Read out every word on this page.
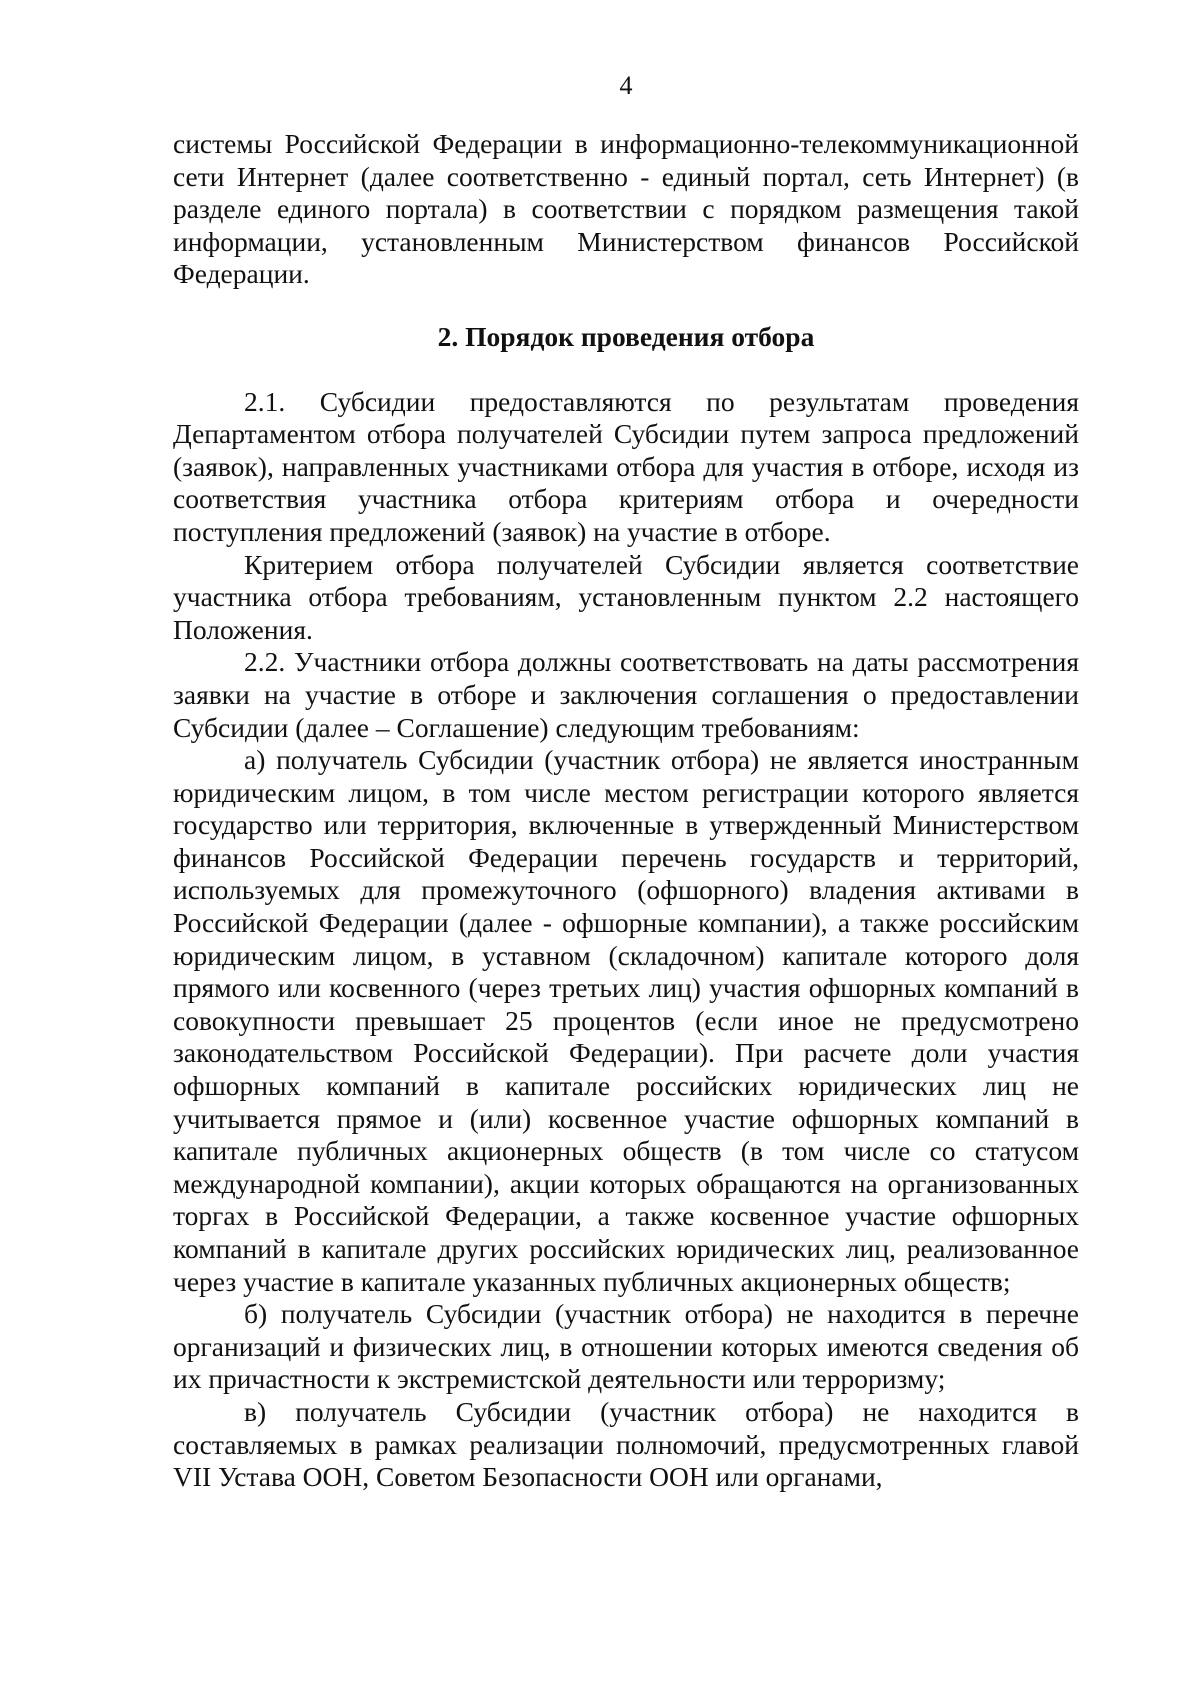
4

системы Российской Федерации в информационно-телекоммуникационной сети Интернет (далее соответственно - единый портал, сеть Интернет) (в разделе единого портала) в соответствии с порядком размещения такой информации, установленным Министерством финансов Российской Федерации.

2. Порядок проведения отбора

2.1. Субсидии предоставляются по результатам проведения Департаментом отбора получателей Субсидии путем запроса предложений (заявок), направленных участниками отбора для участия в отборе, исходя из соответствия участника отбора критериям отбора и очередности поступления предложений (заявок) на участие в отборе.

Критерием отбора получателей Субсидии является соответствие участника отбора требованиям, установленным пунктом 2.2 настоящего Положения.

2.2. Участники отбора должны соответствовать на даты рассмотрения заявки на участие в отборе и заключения соглашения о предоставлении Субсидии (далее – Соглашение) следующим требованиям:

а) получатель Субсидии (участник отбора) не является иностранным юридическим лицом, в том числе местом регистрации которого является государство или территория, включенные в утвержденный Министерством финансов Российской Федерации перечень государств и территорий, используемых для промежуточного (офшорного) владения активами в Российской Федерации (далее - офшорные компании), а также российским юридическим лицом, в уставном (складочном) капитале которого доля прямого или косвенного (через третьих лиц) участия офшорных компаний в совокупности превышает 25 процентов (если иное не предусмотрено законодательством Российской Федерации). При расчете доли участия офшорных компаний в капитале российских юридических лиц не учитывается прямое и (или) косвенное участие офшорных компаний в капитале публичных акционерных обществ (в том числе со статусом международной компании), акции которых обращаются на организованных торгах в Российской Федерации, а также косвенное участие офшорных компаний в капитале других российских юридических лиц, реализованное через участие в капитале указанных публичных акционерных обществ;

б) получатель Субсидии (участник отбора) не находится в перечне организаций и физических лиц, в отношении которых имеются сведения об их причастности к экстремистской деятельности или терроризму;

в) получатель Субсидии (участник отбора) не находится в составляемых в рамках реализации полномочий, предусмотренных главой VII Устава ООН, Советом Безопасности ООН или органами,
